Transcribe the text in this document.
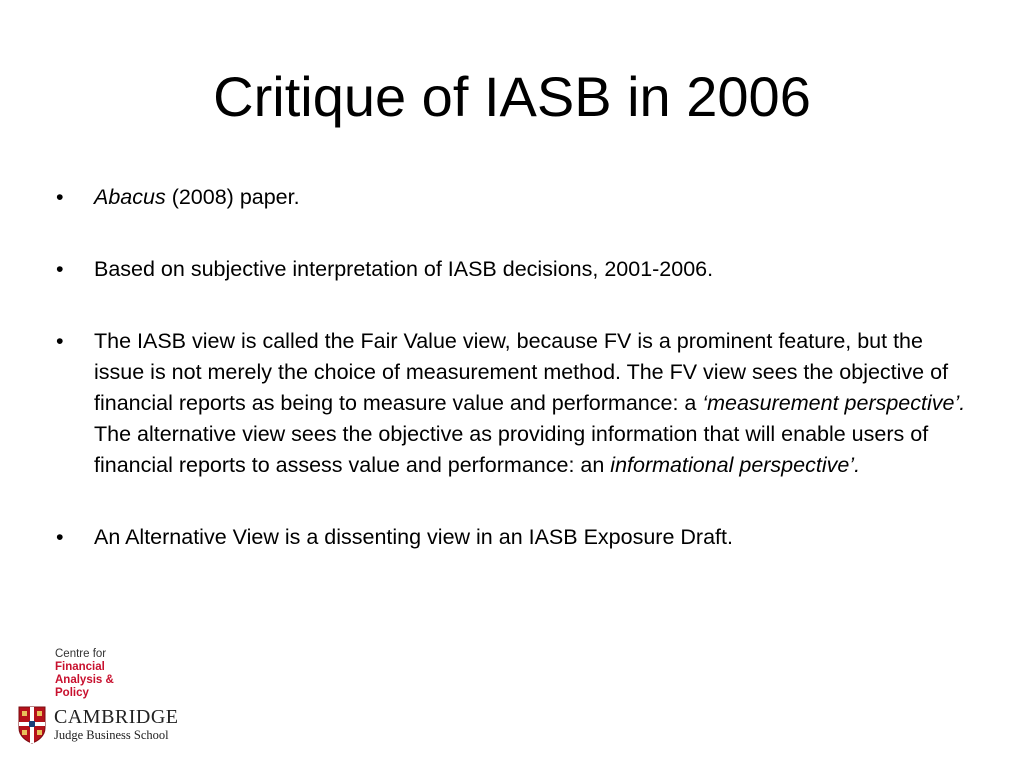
Critique of IASB in 2006
• Abacus (2008) paper.
• Based on subjective interpretation of IASB decisions, 2001-2006.
• The IASB view is called the Fair Value view, because FV is a prominent feature, but the issue is not merely the choice of measurement method. The FV view sees the objective of financial reports as being to measure value and performance: a ‘measurement perspective’. The alternative view sees the objective as providing information that will enable users of financial reports to assess value and performance: an informational perspective’.
• An Alternative View is a dissenting view in an IASB Exposure Draft.
Centre for
Financial
Analysis &
Policy
CAMBRIDGE
Judge Business School
